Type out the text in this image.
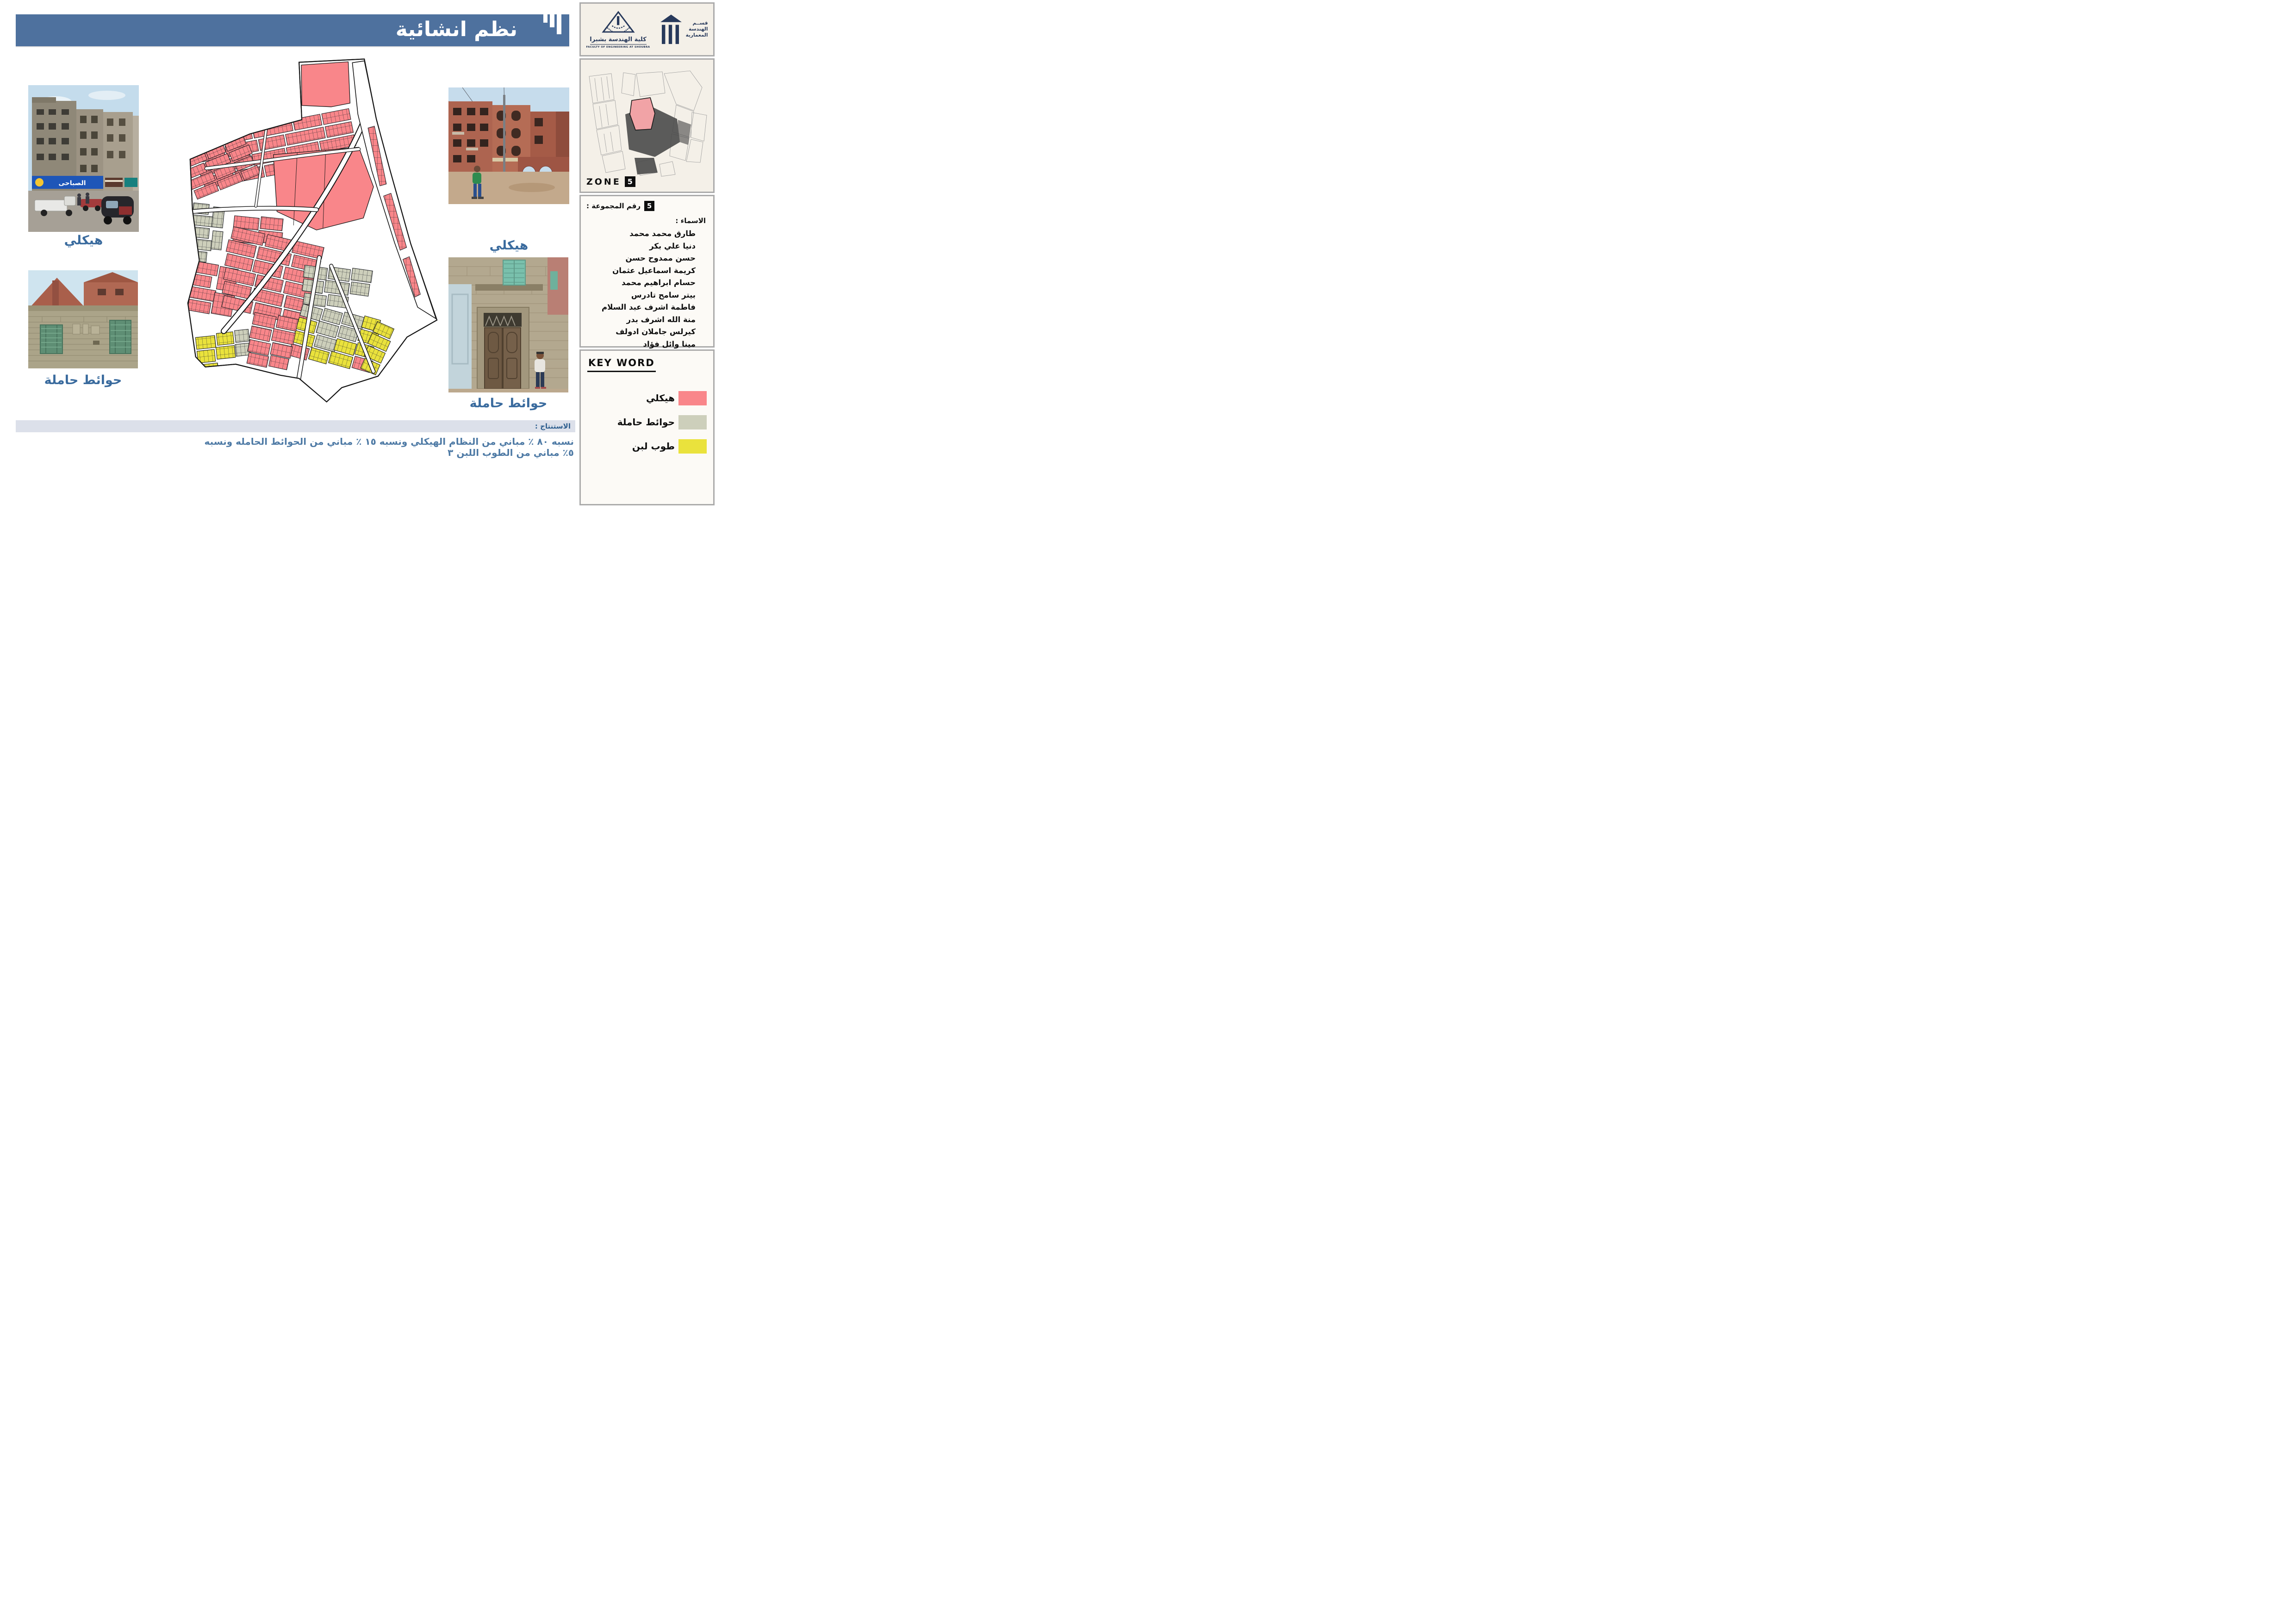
نظم انشائية
الصباحى
هيكلي
حوائط حاملة
هيكلي
حوائط حاملة
الاستنتاج :
نسبه ٨٠ ٪ مباني من النظام الهيكلي ونسبه ١٥ ٪ مباني من الحوائط الحامله ونسبه ٥٪ مباني من الطوب اللبن ٣
كلية الهندسة بشبرا
FACULTY OF ENGINEERING AT SHOUBRA
قســم
الهندسة
المعمارية
ZONE 5
رقم المجموعة : 5
الاسماء :
طارق محمد محمد
دنيا علي بكر
حسن ممدوح حسن
كريمة اسماعيل عثمان
حسام ابراهيم محمد
بيتر سامح تادرس
فاطمة اشرف عبد السلام
منة الله اشرف بدر
كيرلس جاملان ادولف
مينا وائل فؤاد
KEY WORD
هيكلي
حوائط حاملة
طوب لبن
